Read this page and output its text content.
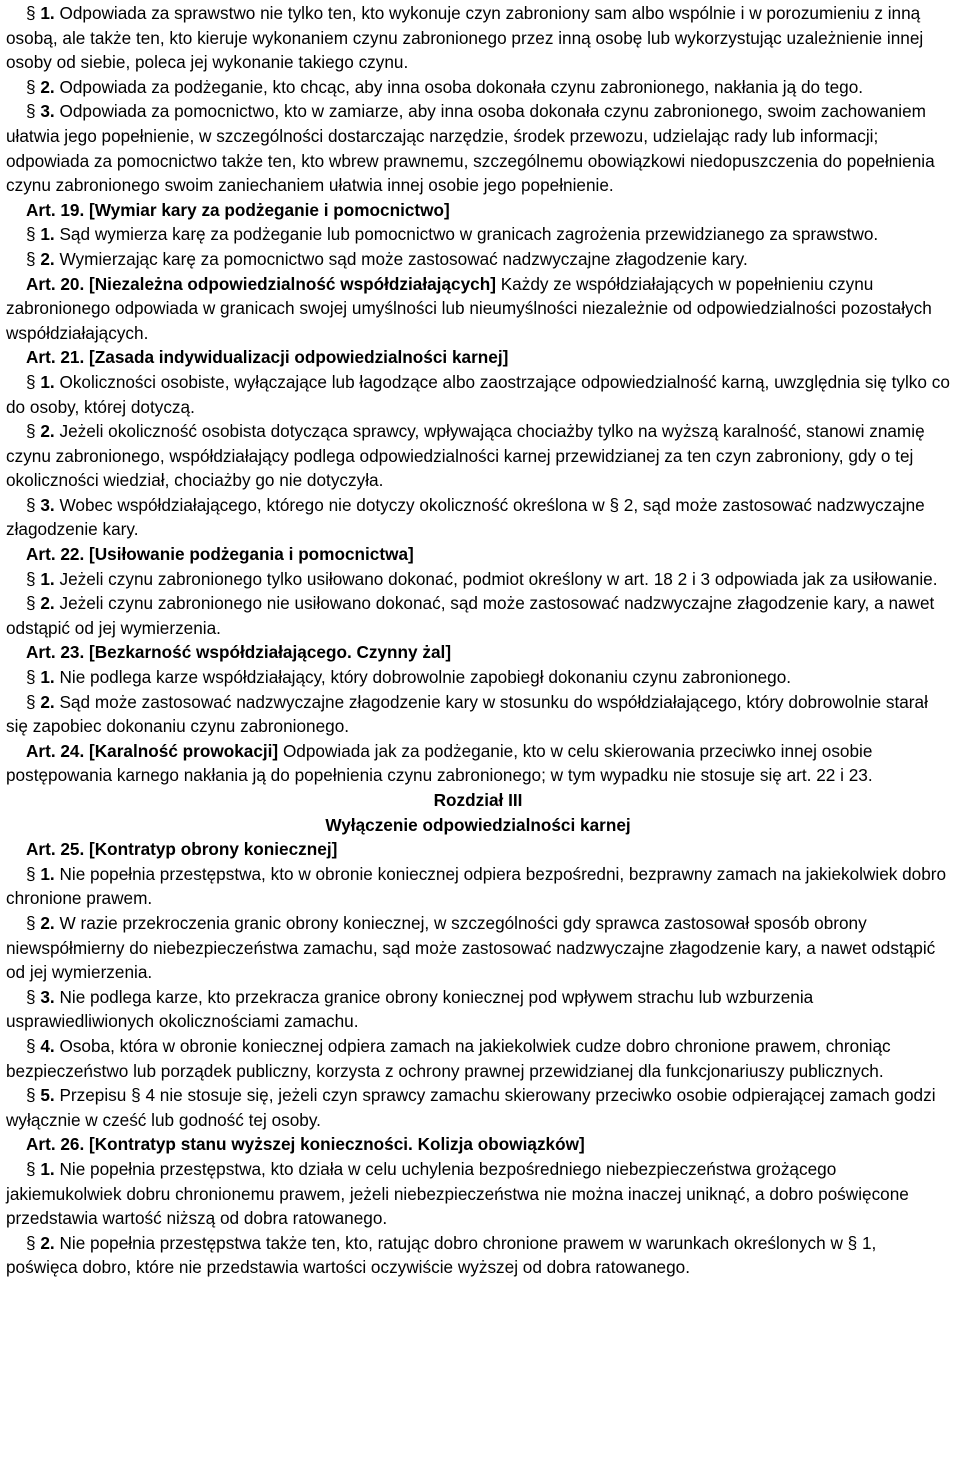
§ 1. Odpowiada za sprawstwo nie tylko ten, kto wykonuje czyn zabroniony sam albo wspólnie i w porozumieniu z inną osobą, ale także ten, kto kieruje wykonaniem czynu zabronionego przez inną osobę lub wykorzystując uzależnienie innej osoby od siebie, poleca jej wykonanie takiego czynu.

§ 2. Odpowiada za podżeganie, kto chcąc, aby inna osoba dokonała czynu zabronionego, nakłania ją do tego.

§ 3. Odpowiada za pomocnictwo, kto w zamiarze, aby inna osoba dokonała czynu zabronionego, swoim zachowaniem ułatwia jego popełnienie, w szczególności dostarczając narzędzie, środek przewozu, udzielając rady lub informacji; odpowiada za pomocnictwo także ten, kto wbrew prawnemu, szczególnemu obowiązkowi niedopuszczenia do popełnienia czynu zabronionego swoim zaniechaniem ułatwia innej osobie jego popełnienie.

Art. 19. [Wymiar kary za podżeganie i pomocnictwo]

§ 1. Sąd wymierza karę za podżeganie lub pomocnictwo w granicach zagrożenia przewidzianego za sprawstwo.

§ 2. Wymierzając karę za pomocnictwo sąd może zastosować nadzwyczajne złagodzenie kary.

Art. 20. [Niezależna odpowiedzialność współdziałających] Każdy ze współdziałających w popełnieniu czynu zabronionego odpowiada w granicach swojej umyślności lub nieumyślności niezależnie od odpowiedzialności pozostałych współdziałających.

Art. 21. [Zasada indywidualizacji odpowiedzialności karnej]

§ 1. Okoliczności osobiste, wyłączające lub łagodzące albo zaostrzające odpowiedzialność karną, uwzględnia się tylko co do osoby, której dotyczą.

§ 2. Jeżeli okoliczność osobista dotycząca sprawcy, wpływająca chociażby tylko na wyższą karalność, stanowi znamię czynu zabronionego, współdziałający podlega odpowiedzialności karnej przewidzianej za ten czyn zabroniony, gdy o tej okoliczności wiedział, chociażby go nie dotyczyła.

§ 3. Wobec współdziałającego, którego nie dotyczy okoliczność określona w § 2, sąd może zastosować nadzwyczajne złagodzenie kary.

Art. 22. [Usiłowanie podżegania i pomocnictwa]

§ 1. Jeżeli czynu zabronionego tylko usiłowano dokonać, podmiot określony w art. 18 2 i 3 odpowiada jak za usiłowanie.

§ 2. Jeżeli czynu zabronionego nie usiłowano dokonać, sąd może zastosować nadzwyczajne złagodzenie kary, a nawet odstąpić od jej wymierzenia.

Art. 23. [Bezkarność współdziałającego. Czynny żal]

§ 1. Nie podlega karze współdziałający, który dobrowolnie zapobiegł dokonaniu czynu zabronionego.

§ 2. Sąd może zastosować nadzwyczajne złagodzenie kary w stosunku do współdziałającego, który dobrowolnie starał się zapobiec dokonaniu czynu zabronionego.

Art. 24. [Karalność prowokacji] Odpowiada jak za podżeganie, kto w celu skierowania przeciwko innej osobie postępowania karnego nakłania ją do popełnienia czynu zabronionego; w tym wypadku nie stosuje się art. 22 i 23.

Rozdział III

Wyłączenie odpowiedzialności karnej

Art. 25. [Kontratyp obrony koniecznej]

§ 1. Nie popełnia przestępstwa, kto w obronie koniecznej odpiera bezpośredni, bezprawny zamach na jakiekolwiek dobro chronione prawem.

§ 2. W razie przekroczenia granic obrony koniecznej, w szczególności gdy sprawca zastosował sposób obrony niewspółmierny do niebezpieczeństwa zamachu, sąd może zastosować nadzwyczajne złagodzenie kary, a nawet odstąpić od jej wymierzenia.

§ 3. Nie podlega karze, kto przekracza granice obrony koniecznej pod wpływem strachu lub wzburzenia usprawiedliwionych okolicznościami zamachu.

§ 4. Osoba, która w obronie koniecznej odpiera zamach na jakiekolwiek cudze dobro chronione prawem, chroniąc bezpieczeństwo lub porządek publiczny, korzysta z ochrony prawnej przewidzianej dla funkcjonariuszy publicznych.

§ 5. Przepisu § 4 nie stosuje się, jeżeli czyn sprawcy zamachu skierowany przeciwko osobie odpierającej zamach godzi wyłącznie w cześć lub godność tej osoby.

Art. 26. [Kontratyp stanu wyższej konieczności. Kolizja obowiązków]

§ 1. Nie popełnia przestępstwa, kto działa w celu uchylenia bezpośredniego niebezpieczeństwa grożącego jakiemukolwiek dobru chronionemu prawem, jeżeli niebezpieczeństwa nie można inaczej uniknąć, a dobro poświęcone przedstawia wartość niższą od dobra ratowanego.

§ 2. Nie popełnia przestępstwa także ten, kto, ratując dobro chronione prawem w warunkach określonych w § 1, poświęca dobro, które nie przedstawia wartości oczywiście wyższej od dobra ratowanego.
